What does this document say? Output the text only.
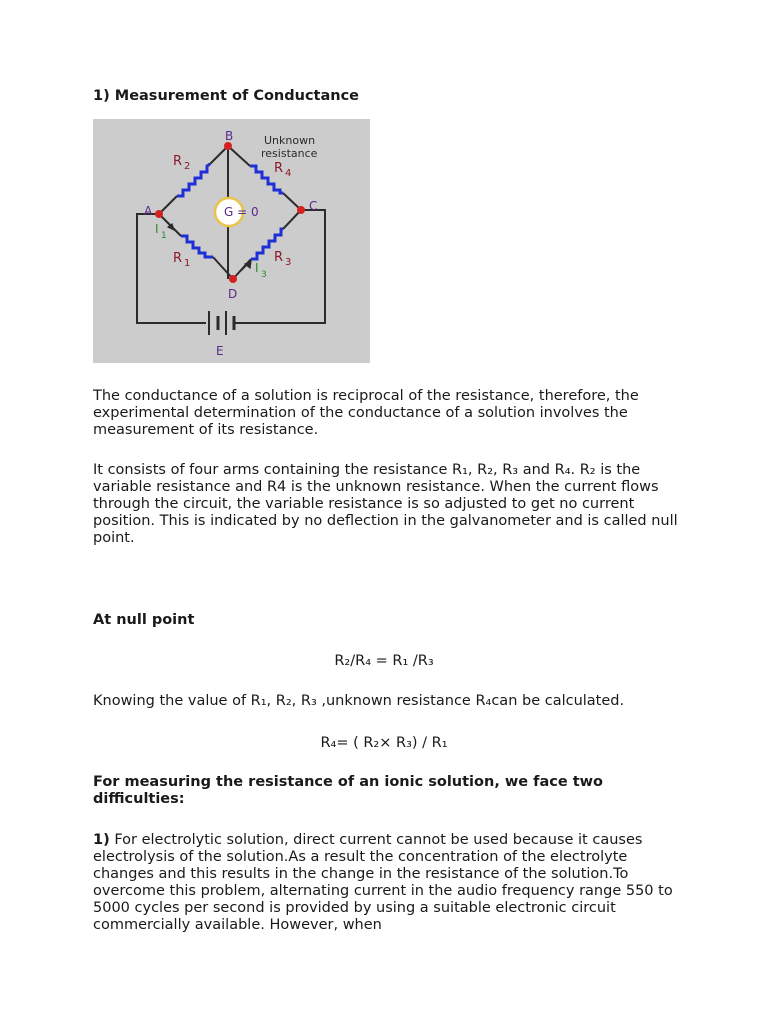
1) Measurement of Conductance
G = 0
B
A	C
D
E
Unknown
resistance
R 2	R 4
R 1	R 3
I 1
I 3

The conductance of a solution is reciprocal of the resistance, therefore, the experimental determination of the conductance of a solution involves the measurement of its resistance.

It consists of four arms containing the resistance R₁, R₂, R₃ and R₄. R₂ is the variable resistance and R4 is the unknown resistance. When the current flows through the circuit, the variable resistance is so adjusted to get no current position. This is indicated by no deflection in the galvanometer and is called null point.

At null point

R₂/R₄ = R₁ /R₃

Knowing the value of R₁, R₂, R₃ ,unknown resistance R₄can be calculated.

R₄= ( R₂× R₃) / R₁

For measuring the resistance of an ionic solution, we face two difficulties:

1) For electrolytic solution, direct current cannot be used because it causes electrolysis of the solution.As a result the concentration of the electrolyte changes and this results in the change in the resistance of the solution.To overcome this problem, alternating current in the audio frequency range 550 to 5000 cycles per second is provided by using a suitable electronic circuit commercially available. However, when
